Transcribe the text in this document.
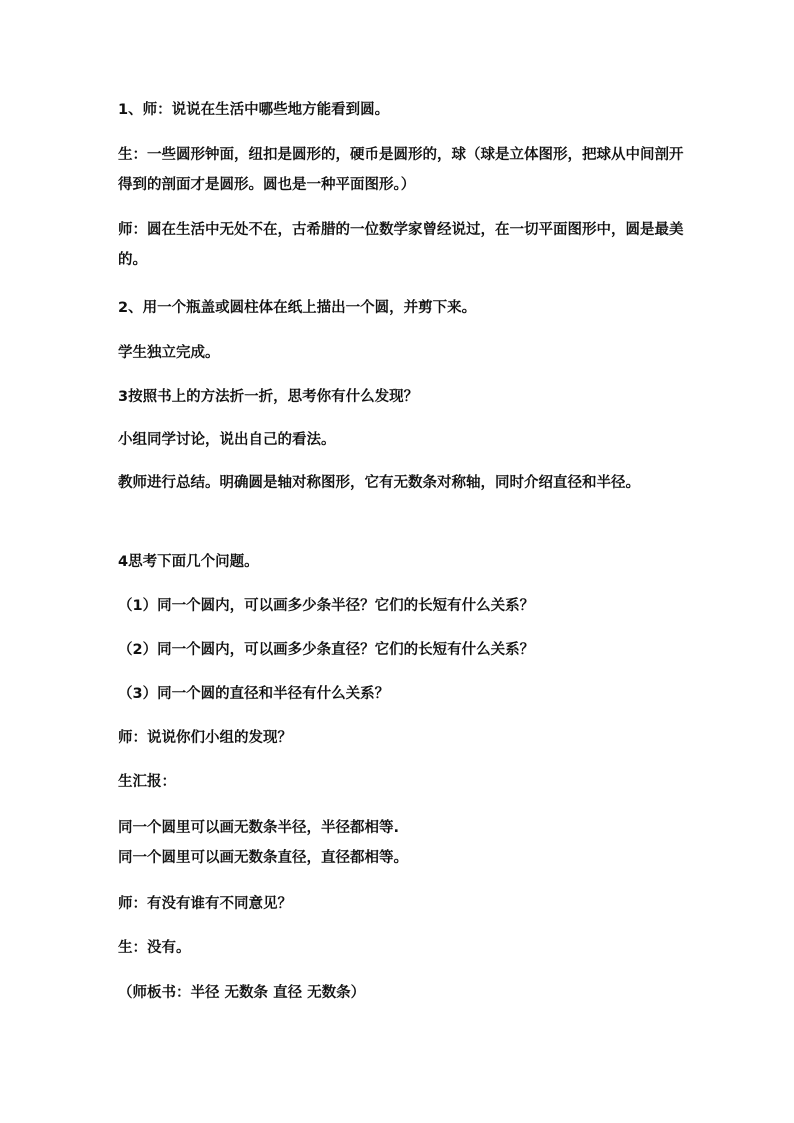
1、师：说说在生活中哪些地方能看到圆。
生：一些圆形钟面，纽扣是圆形的，硬币是圆形的，球（球是立体图形，把球从中间剖开得到的剖面才是圆形。圆也是一种平面图形。）
师：圆在生活中无处不在，古希腊的一位数学家曾经说过，在一切平面图形中，圆是最美的。
2、用一个瓶盖或圆柱体在纸上描出一个圆，并剪下来。
学生独立完成。
3按照书上的方法折一折，思考你有什么发现？
小组同学讨论，说出自己的看法。
教师进行总结。明确圆是轴对称图形，它有无数条对称轴，同时介绍直径和半径。
4思考下面几个问题。
（1）同一个圆内，可以画多少条半径？它们的长短有什么关系？
（2）同一个圆内，可以画多少条直径？它们的长短有什么关系？
（3）同一个圆的直径和半径有什么关系？
师：说说你们小组的发现？
生汇报：
同一个圆里可以画无数条半径，半径都相等.
同一个圆里可以画无数条直径，直径都相等。
师：有没有谁有不同意见？
生：没有。
（师板书：半径 无数条 直径 无数条）
